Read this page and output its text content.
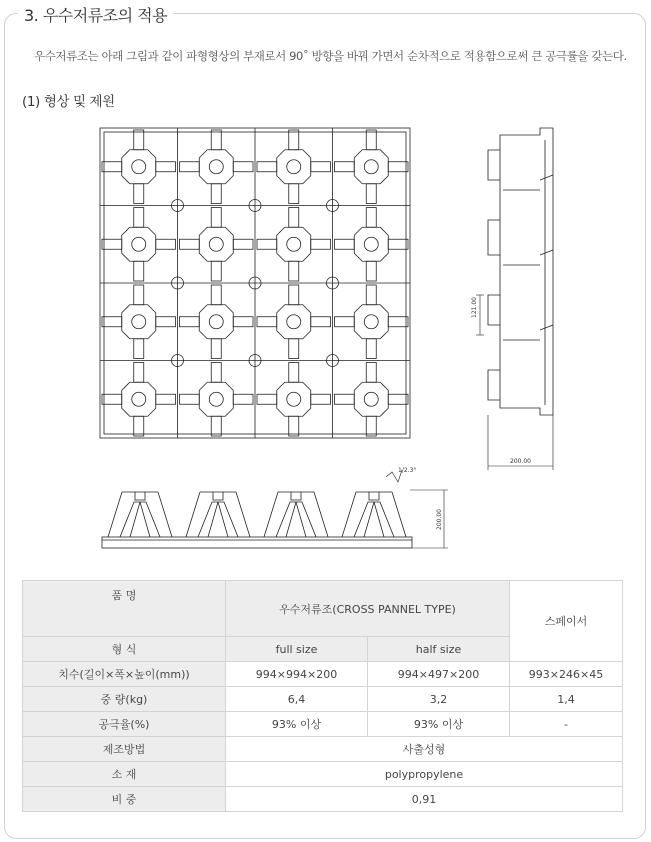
3. 우수저류조의 적용
우수저류조는 아래 그림과 같이 파형형상의 부재로서 90˚ 방향을 바꿔 가면서 순차적으로 적용함으로써 큰 공극률을 갖는다.
(1) 형상 및 제원
121.00
200.00
1/2.3°
200.00
품 명	우수저류조(CROSS PANNEL TYPE)		스페이서
형 식	full size	half size	
치수(길이×폭×높이(mm))	994×994×200	994×497×200	993×246×45
중 량(kg)	6,4	3,2	1,4
공극율(%)	93% 이상	93% 이상	-
제조방법	사출성형		
소 재	polypropylene		
비 중	0,91		
